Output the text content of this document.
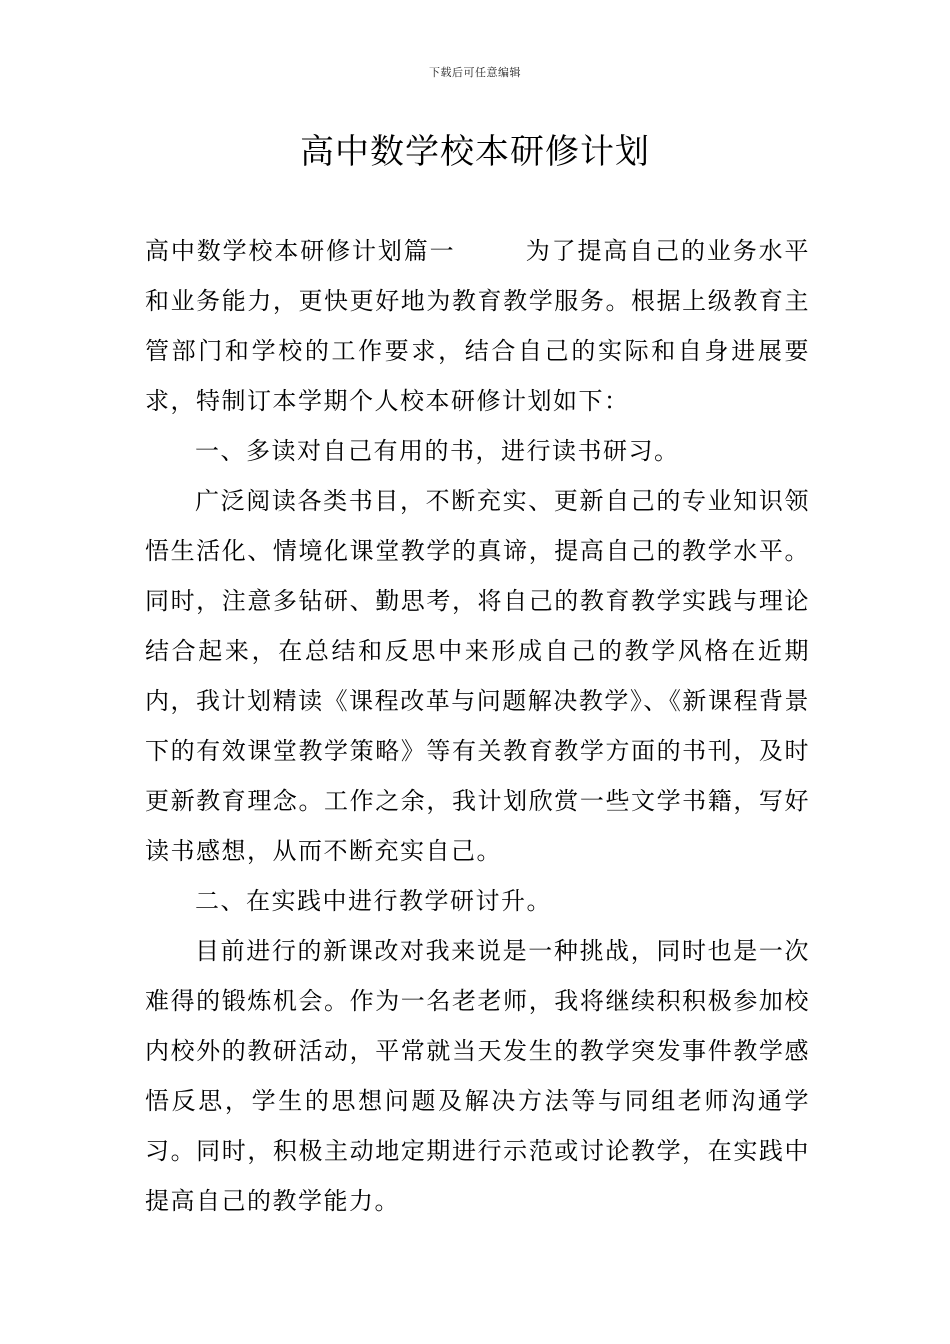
下载后可任意编辑
高中数学校本研修计划

高中数学校本研修计划篇一	为了提高自己的业务水平和业务能力，更快更好地为教育教学服务。根据上级教育主管部门和学校的工作要求，结合自己的实际和自身进展要求，特制订本学期个人校本研修计划如下：

一、多读对自己有用的书，进行读书研习。

广泛阅读各类书目，不断充实、更新自己的专业知识领悟生活化、情境化课堂教学的真谛，提高自己的教学水平。同时，注意多钻研、勤思考，将自己的教育教学实践与理论结合起来，在总结和反思中来形成自己的教学风格在近期内，我计划精读《课程改革与问题解决教学》、《新课程背景下的有效课堂教学策略》等有关教育教学方面的书刊，及时更新教育理念。工作之余，我计划欣赏一些文学书籍，写好读书感想，从而不断充实自己。

二、在实践中进行教学研讨升。

目前进行的新课改对我来说是一种挑战，同时也是一次难得的锻炼机会。作为一名老老师，我将继续积积极参加校内校外的教研活动，平常就当天发生的教学突发事件教学感悟反思，学生的思想问题及解决方法等与同组老师沟通学习。同时，积极主动地定期进行示范或讨论教学，在实践中提高自己的教学能力。
